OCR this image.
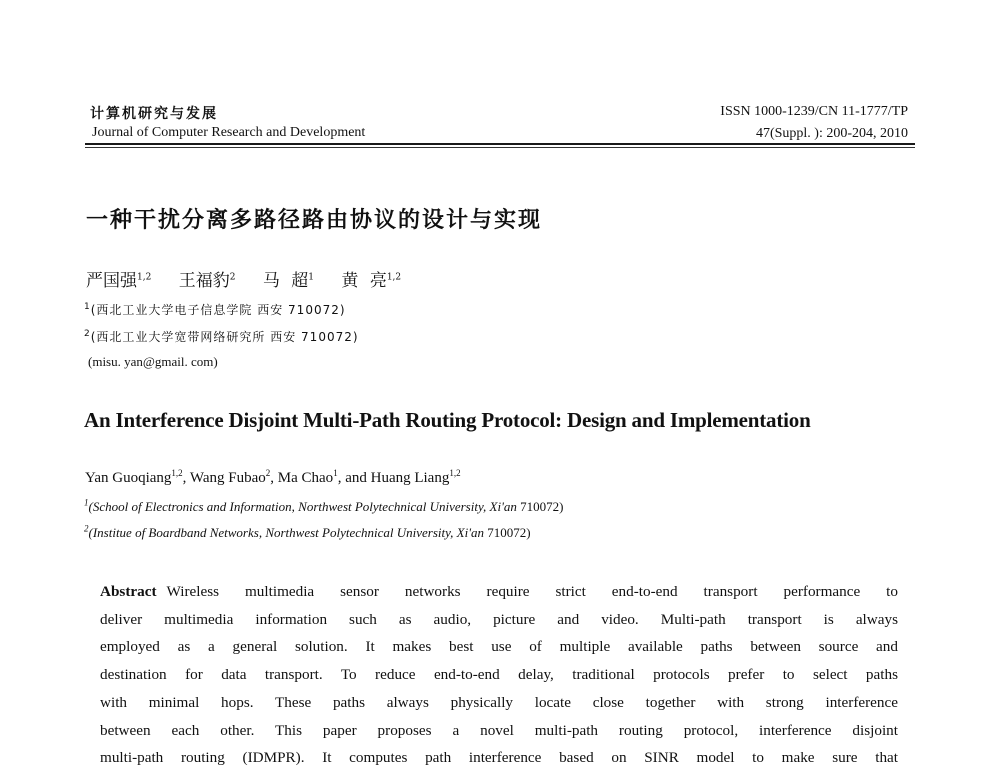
计算机研究与发展
Journal of Computer Research and Development
ISSN 1000-1239/CN 11-1777/TP
47(Suppl. ): 200-204, 2010
一种干扰分离多路径路由协议的设计与实现
严国强$^{1,2}$ 王福豹$^2$ 马 超$^1$ 黄 亮$^{1,2}$
$^1$(西北工业大学电子信息学院 西安 710072)
$^2$(西北工业大学宽带网络研究所 西安 710072)
(misu. yan@gmail. com)
An Interference Disjoint Multi-Path Routing Protocol: Design and Implementation
Yan Guoqiang$^{1,2}$, Wang Fubao$^2$, Ma Chao$^1$, and Huang Liang$^{1,2}$
$^1$(School of Electronics and Information, Northwest Polytechnical University, Xi'an 710072)
$^2$(Institue of Boardband Networks, Northwest Polytechnical University, Xi'an 710072)
Abstract Wireless multimedia sensor networks require strict end-to-end transport performance to
deliver multimedia information such as audio, picture and video. Multi-path transport is always
employed as a general solution. It makes best use of multiple available paths between source and
destination for data transport. To reduce end-to-end delay, traditional protocols prefer to select paths
with minimal hops. These paths always physically locate close together with strong interference
between each other. This paper proposes a novel multi-path routing protocol, interference disjoint
multi-path routing (IDMPR). It computes path interference based on SINR model to make sure that
